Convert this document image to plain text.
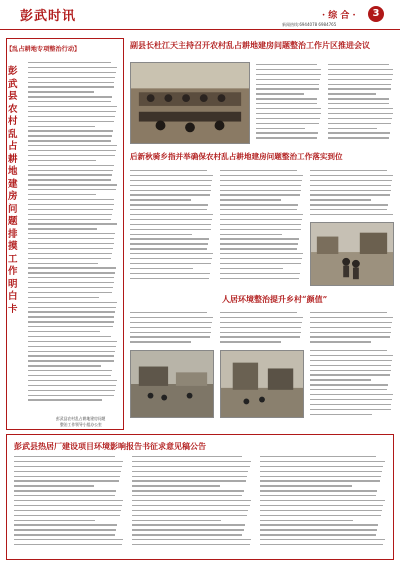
彭武时讯	· 综 合 ·	3
新闻热线:6944078 6984765
【乱占耕地专项整治行动】
彭武县农村乱占耕地建房问题排摸工作明白卡
彭武县农村乱占耕地建房问题
整治工作领导小组办公室
副县长杜江天主持召开农村乱占耕地建房问题整治工作片区推进会议
后新秋骑乡指并举确保农村乱占耕地建房问题整治工作落实到位
人居环境整治提升乡村“颜值”
彭武县热居厂建设项目环境影响报告书征求意见稿公告
